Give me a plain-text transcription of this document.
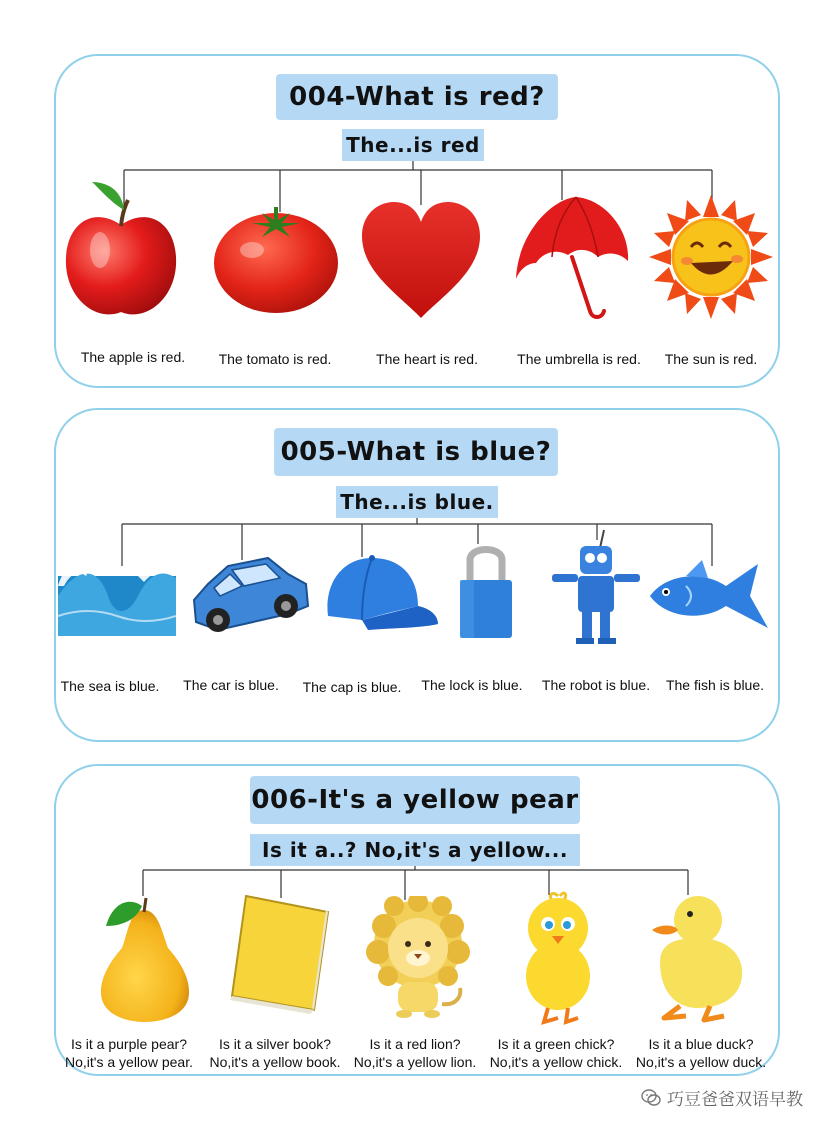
004-What is red?
The...is red
The apple is red.	The tomato is red.	The heart is red.	The umbrella is red.	The sun is red.
005-What is blue?
The...is blue.
The sea is blue.	The car is blue.	The cap is blue.	The lock is blue.	The robot is blue.	The fish is blue.
006-It's a yellow pear
Is it a..? No,it's a yellow...
Is it a purple pear?
No,it's a yellow pear.
Is it a silver book?
No,it's a yellow book.
Is it a red lion?
No,it's a yellow lion.
Is it a green chick?
No,it's a yellow chick.
Is it a blue duck?
No,it's a yellow duck.
巧豆爸爸双语早教
